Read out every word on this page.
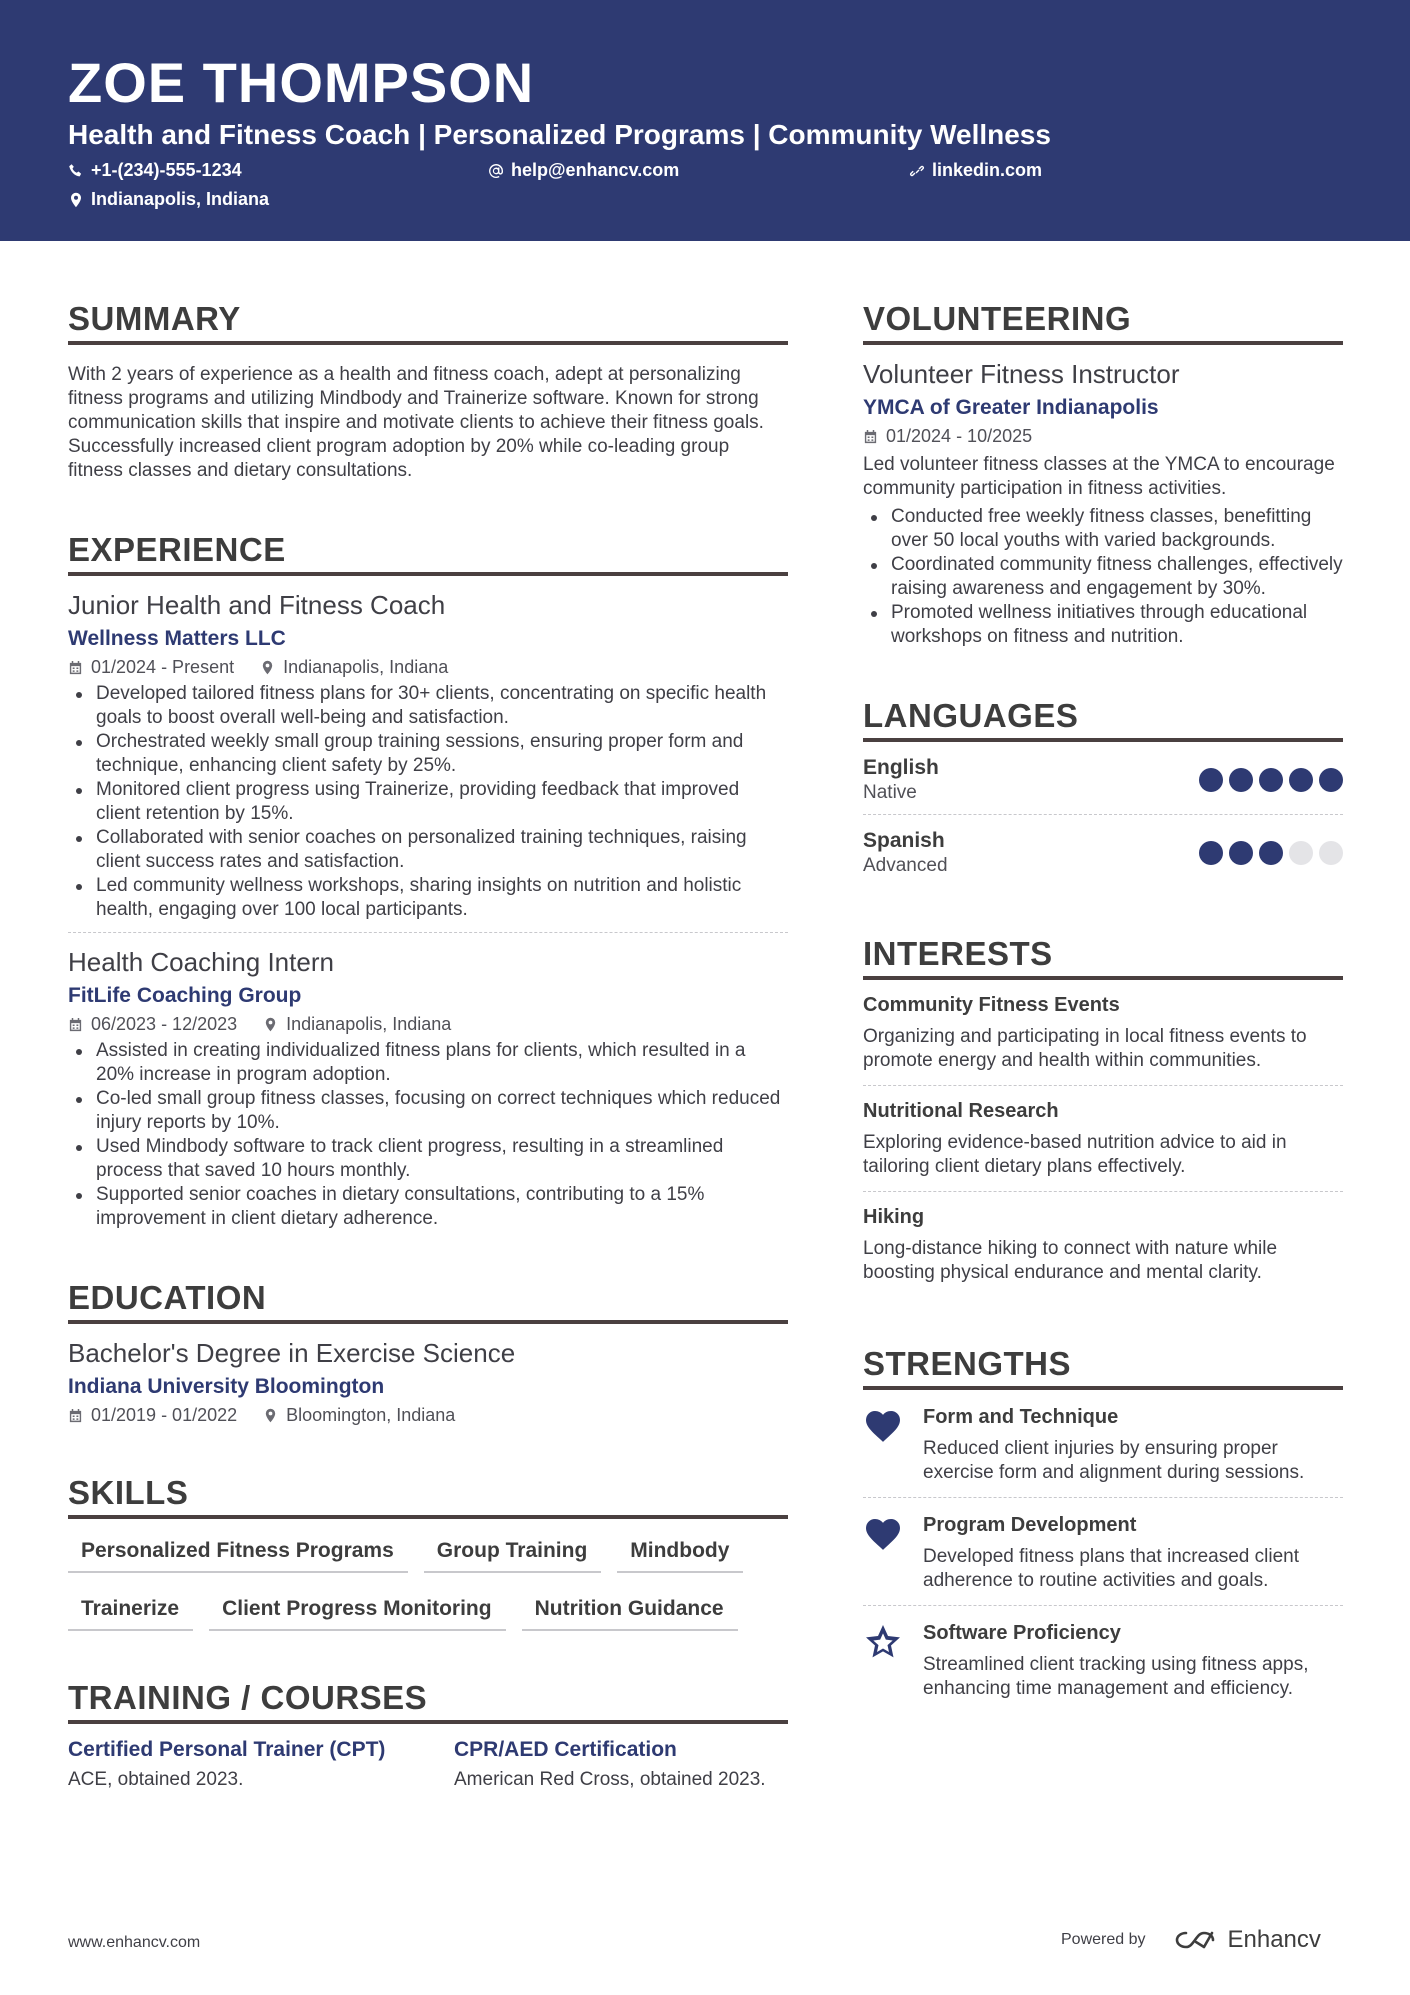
ZOE THOMPSON
Health and Fitness Coach | Personalized Programs | Community Wellness
+1-(234)-555-1234	help@enhancv.com	linkedin.com
Indianapolis, Indiana
SUMMARY
With 2 years of experience as a health and fitness coach, adept at personalizing fitness programs and utilizing Mindbody and Trainerize software. Known for strong communication skills that inspire and motivate clients to achieve their fitness goals. Successfully increased client program adoption by 20% while co-leading group fitness classes and dietary consultations.
EXPERIENCE
Junior Health and Fitness Coach
Wellness Matters LLC
01/2024 - Present	Indianapolis, Indiana
Developed tailored fitness plans for 30+ clients, concentrating on specific health goals to boost overall well-being and satisfaction.
Orchestrated weekly small group training sessions, ensuring proper form and technique, enhancing client safety by 25%.
Monitored client progress using Trainerize, providing feedback that improved client retention by 15%.
Collaborated with senior coaches on personalized training techniques, raising client success rates and satisfaction.
Led community wellness workshops, sharing insights on nutrition and holistic health, engaging over 100 local participants.
Health Coaching Intern
FitLife Coaching Group
06/2023 - 12/2023	Indianapolis, Indiana
Assisted in creating individualized fitness plans for clients, which resulted in a 20% increase in program adoption.
Co-led small group fitness classes, focusing on correct techniques which reduced injury reports by 10%.
Used Mindbody software to track client progress, resulting in a streamlined process that saved 10 hours monthly.
Supported senior coaches in dietary consultations, contributing to a 15% improvement in client dietary adherence.
EDUCATION
Bachelor's Degree in Exercise Science
Indiana University Bloomington
01/2019 - 01/2022	Bloomington, Indiana
SKILLS
Personalized Fitness Programs	Group Training	Mindbody
Trainerize	Client Progress Monitoring	Nutrition Guidance
TRAINING / COURSES
Certified Personal Trainer (CPT)
ACE, obtained 2023.
CPR/AED Certification
American Red Cross, obtained 2023.
VOLUNTEERING
Volunteer Fitness Instructor
YMCA of Greater Indianapolis
01/2024 - 10/2025
Led volunteer fitness classes at the YMCA to encourage community participation in fitness activities.
Conducted free weekly fitness classes, benefitting over 50 local youths with varied backgrounds.
Coordinated community fitness challenges, effectively raising awareness and engagement by 30%.
Promoted wellness initiatives through educational workshops on fitness and nutrition.
LANGUAGES
English
Native
Spanish
Advanced
INTERESTS
Community Fitness Events
Organizing and participating in local fitness events to promote energy and health within communities.
Nutritional Research
Exploring evidence-based nutrition advice to aid in tailoring client dietary plans effectively.
Hiking
Long-distance hiking to connect with nature while boosting physical endurance and mental clarity.
STRENGTHS
Form and Technique
Reduced client injuries by ensuring proper exercise form and alignment during sessions.
Program Development
Developed fitness plans that increased client adherence to routine activities and goals.
Software Proficiency
Streamlined client tracking using fitness apps, enhancing time management and efficiency.
www.enhancv.com	Powered by	Enhancv
